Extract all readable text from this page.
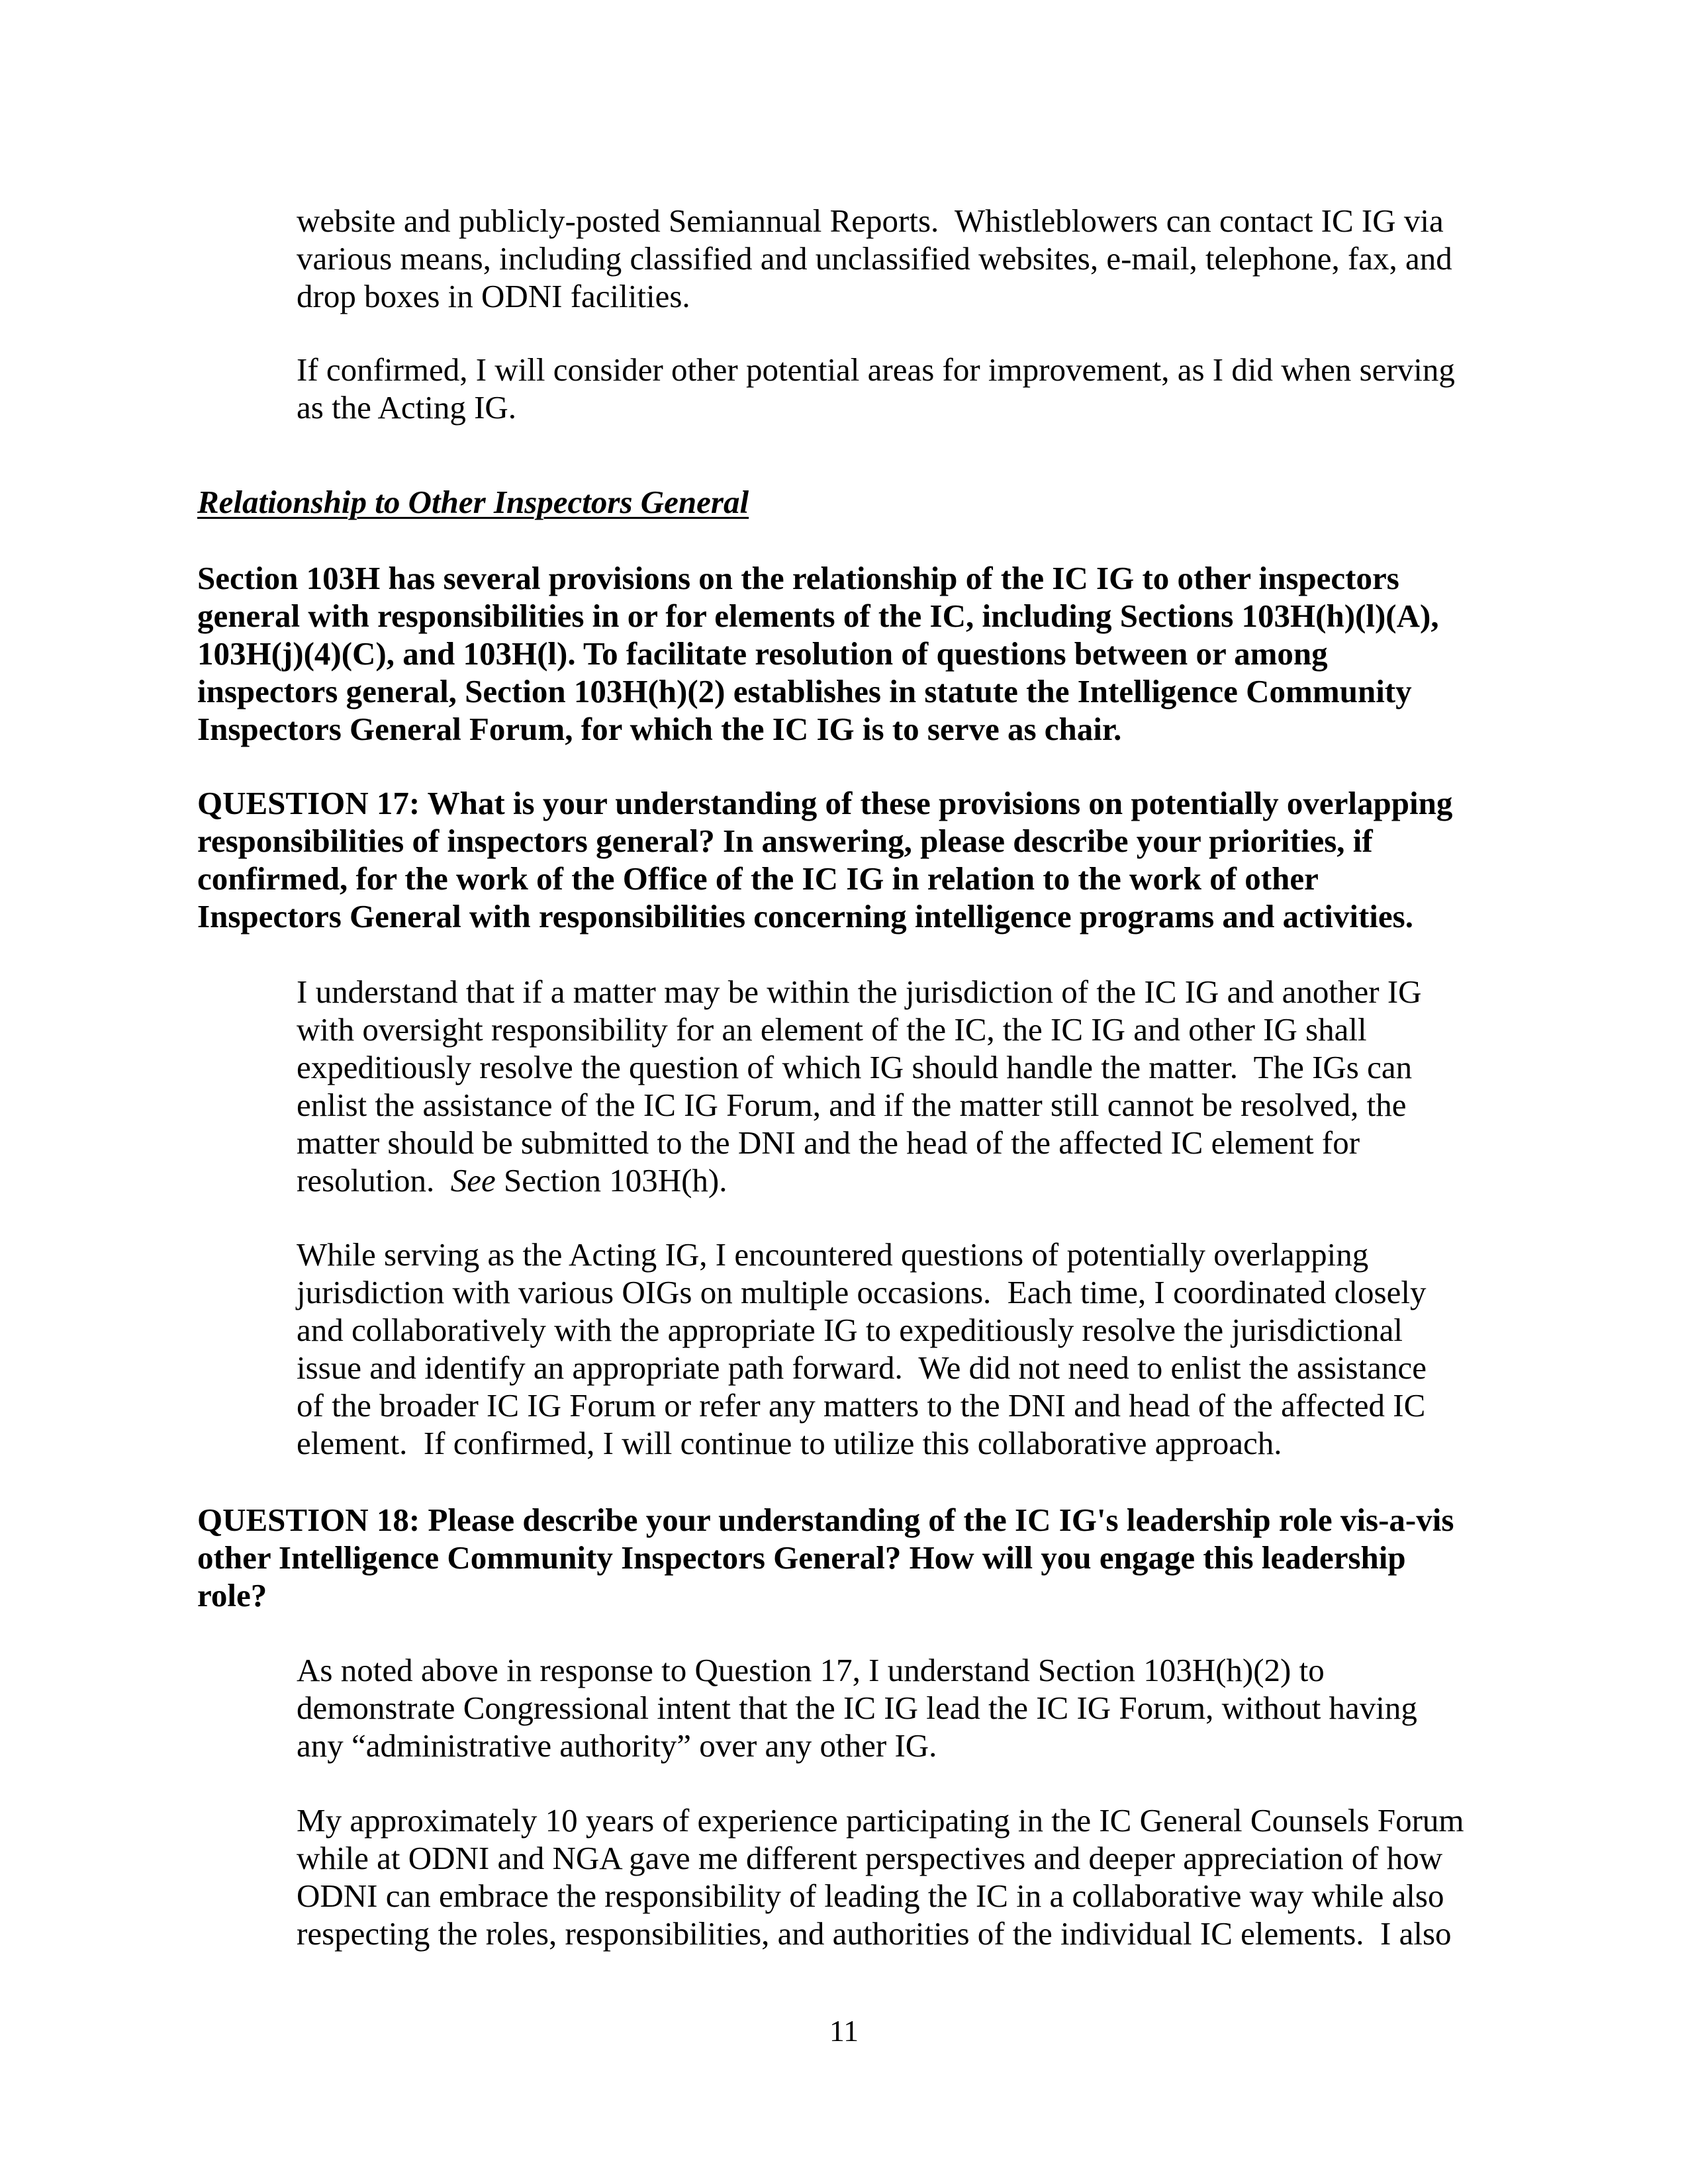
website and publicly-posted Semiannual Reports.  Whistleblowers can contact IC IG via
various means, including classified and unclassified websites, e-mail, telephone, fax, and
drop boxes in ODNI facilities.
If confirmed, I will consider other potential areas for improvement, as I did when serving
as the Acting IG.
Relationship to Other Inspectors General
Section 103H has several provisions on the relationship of the IC IG to other inspectors
general with responsibilities in or for elements of the IC, including Sections 103H(h)(l)(A),
103H(j)(4)(C), and 103H(l). To facilitate resolution of questions between or among
inspectors general, Section 103H(h)(2) establishes in statute the Intelligence Community
Inspectors General Forum, for which the IC IG is to serve as chair.
QUESTION 17: What is your understanding of these provisions on potentially overlapping
responsibilities of inspectors general? In answering, please describe your priorities, if
confirmed, for the work of the Office of the IC IG in relation to the work of other
Inspectors General with responsibilities concerning intelligence programs and activities.
I understand that if a matter may be within the jurisdiction of the IC IG and another IG
with oversight responsibility for an element of the IC, the IC IG and other IG shall
expeditiously resolve the question of which IG should handle the matter.  The IGs can
enlist the assistance of the IC IG Forum, and if the matter still cannot be resolved, the
matter should be submitted to the DNI and the head of the affected IC element for
resolution.  See Section 103H(h).
While serving as the Acting IG, I encountered questions of potentially overlapping
jurisdiction with various OIGs on multiple occasions.  Each time, I coordinated closely
and collaboratively with the appropriate IG to expeditiously resolve the jurisdictional
issue and identify an appropriate path forward.  We did not need to enlist the assistance
of the broader IC IG Forum or refer any matters to the DNI and head of the affected IC
element.  If confirmed, I will continue to utilize this collaborative approach.
QUESTION 18: Please describe your understanding of the IC IG's leadership role vis-a-vis
other Intelligence Community Inspectors General? How will you engage this leadership
role?
As noted above in response to Question 17, I understand Section 103H(h)(2) to
demonstrate Congressional intent that the IC IG lead the IC IG Forum, without having
any “administrative authority” over any other IG.
My approximately 10 years of experience participating in the IC General Counsels Forum
while at ODNI and NGA gave me different perspectives and deeper appreciation of how
ODNI can embrace the responsibility of leading the IC in a collaborative way while also
respecting the roles, responsibilities, and authorities of the individual IC elements.  I also
11
